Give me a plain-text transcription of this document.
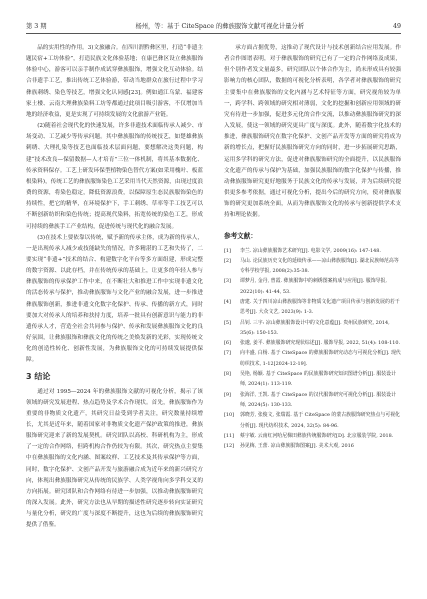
第 3 期	杨州，等：基于 CiteSpace 的彝族服饰文献可视化计量分析	49

品的实用性的作用。3)文旅融合。在四川渭黔彝区里，打造“非遗主题民宿+工坊体验”，打造民族文化体验基地；在康巴彝区设立彝族服饰体验中心，游客可以亲手制作成试穿彝族服饰，增强文化互动体验。结合非遗手工艺，推出传统工艺体验游，带动当地群众在旅行过程中学习彝族刺绣、染色等技艺，增强文化认同感[23]。例如通江乌蒙、福建客家土楼、云南大理彝族染料工坊等都通过此项目吸引游客，不仅增加当地的经济收益，更是实现了可持续发展的文化旅游产业链。

(2)随着社会现代化的快速发展，许多非遗技术面临传承人减少、市场变动、工艺减少等传承问题。其中彝族服饰的传统技艺，如楚雄彝族刺绣、大理扎染等技艺也面临技术层面问题，要想解决这类问题，构建“技术改良—保留数据—人才培育”三位一体机制，将其基本数据化、传承资料保存。工艺上研发环保型植物染色替代方案(如采用槐叶、板蓝根染料)，传统工艺的彝族服饰染色工艺采用当代天然资源，由现过度浪费的资源，将染色稳定，降低资源浪费，以保障原生态民族服饰染色的持续性，把它的精华，在环境保护下，手工刺绣、草率等手工技艺可以不断创新纺织和染色传统；提高现代染料，拓宽传统的染色工艺，形成可持续的彝族手工产业结构，促进传统与现代化的融合发展。

(3)在技术上要依靠以传统，赋予新的传承主体，成为新的传承人，一是出现传承人减少或技能缺失的情况，许多精湛的工艺和失传了，二要实现“非遗+”技术的结合、构建数字化平台等多方面组建，形成完整的数字资源、以此存档，并在传统传承的基础上，让更多的年轻人参与彝族服饰的传承保护工作中来，在不断壮大和推进工作中实现非遗文化的活态传承与保护，推动彝族服饰与文化产业的融合发展，进一步推进彝族服饰创新，推进非遗文化数字化保护、传承、传播的新方式，同时要加大对传承人的培养和扶持力度，培养一批具有创新意识与能力的非遗传承人才，营造全社会共同参与保护、传承和发展彝族服饰文化的良好氛围，让彝族服饰和彝族文化的传统之美焕发新的光彩，实现传统文化的创造性转化、创新性发展，为彝族服饰文化的可持续发展提供保障。

3 结论

通过对 1995—2024 年的彝族服饰文献的可视化分析，揭示了该领域的研究发展进程、热点趋势及学术合作现状。首先，彝族服饰作为重要的非物质文化遗产，其研究日益受到学者关注，研究数量持续增长，尤其是近年来，随着国家对非物质文化遗产保护政策的推进，彝族服饰研究迎来了新的发展契机。研究团队以高校、科研机构为主，形成了一定的合作网络，但跨机构合作仍较为有限。其次，研究热点主要集中在彝族服饰的文化内涵、图案纹样、工艺技术及其传承保护等方面，同时，数字化保护、文创产品开发与旅游融合成为近年来的新兴研究方向，体现出彝族服饰研究从传统的民族学、人类学视角向多学科交叉的方向拓展。研究团队和合作网络有待进一步加强，以推动彝族服饰研究的深入发展。此外，研究方法也从早期的描述性研究逐步转向实证研究与量化分析，研究的广度与深度不断提升，这也为后续的彝族服饰研究提供了借鉴。

承方面占据优势，这推动了现代设计与技术创新结合应用发展。作者合作图谱表明，对于彝族服饰的研究已有了一定的合作网络及成果，但个别作者发文量最多，研究团队以个体合作为主，尚未形成具有较强影响力的核心团队，数据的可视化分析表明，各学者对彝族服饰的研究主要集中在彝族服饰的文化内涵与艺术特征等方面，研究视角较为单一，跨学科、跨领域的研究相对薄弱，文化的挖掘和创新应用领域的研究有待进一步加强，促进多元化的合作交流，以推动彝族服饰研究的深入发展，使这一领域的研究更具广度与深度。此外，随着数字化技术的推进，彝族服饰研究在数字化保护、文创产品开发等方面的研究将成为新的增长点，把握好民族服饰研究方向的同时，进一步拓展研究思路，运用多学科的研究方法，促进对彝族服饰研究的全面提升，以民族服饰文化遗产的传承与保护为基础，加强民族服饰的数字化保护与传播，推动彝族服饰研究更好地服务于民族文化的传承与发展，并为后续研究提供更多参考依据，通过可视化分析，提出今后的研究方向，使对彝族服饰的研究更加系统全面，从而为彝族服饰文化的传承与创新提供学术支持和理论依据。

参考文献：
[1] 李兰. 凉山彝族服饰艺术研究[J]. 电影文学, 2009(16): 147-148.
[2] 马山. 论民族历史文化的延续传承——凉山彝族服饰[J]. 湖北民族师范高等专科学校学报, 2008(2):35-38.
[3] 谭梦月, 金丹, 曾霞. 彝族服饰中的刺绣图案构成与应用[J]. 服饰导报, 2022(10): 41-44, 53.
[4] 唐建. 关于四川凉山彝族服饰等非物质文化遗产项目传承与创新发展的若干思考[J]. 大众文艺, 2023(9): 1-3.
[5] 吕钊. 三字: 凉山彝族服饰设计中的文化意蕴[J]. 贵州民族研究, 2014, 35(6): 150-153.
[6] 张邈, 姜平. 彝族服饰研究现状综述[J]. 服饰导报, 2022, 51(4): 108-110.
[7] 向丰盛, 白杨. 基于 CiteSpace 的彝族服饰研究动态与可视化分析[J]. 现代纺织技术, 1-12[2024-12-19].
[8] 吴艳, 杨颖. 基于 CiteSpace 的民族服饰研究知识图谱分析[J]. 服装设计师, 2024(1): 113-119.
[9] 张海洋, 王凯. 基于 CiteSpace 的汉代服饰研究可视化分析[J]. 服装设计师, 2024(5): 130-133.
[10] 郭晓芳, 张俊文, 张瑞霞. 基于 CiteSpace 的蒙古族服饰研究热点与可视化分析[J]. 现代纺织技术, 2024, 32(5): 84-96.
[11] 蔡宇敏. 云南红河哈尼梯田彝族传统服饰研究[D]. 北京服装学院, 2018.
[12] 孙见梅, 王蕾. 凉山彝族服饰图案[J]. 美术大观, 2016
